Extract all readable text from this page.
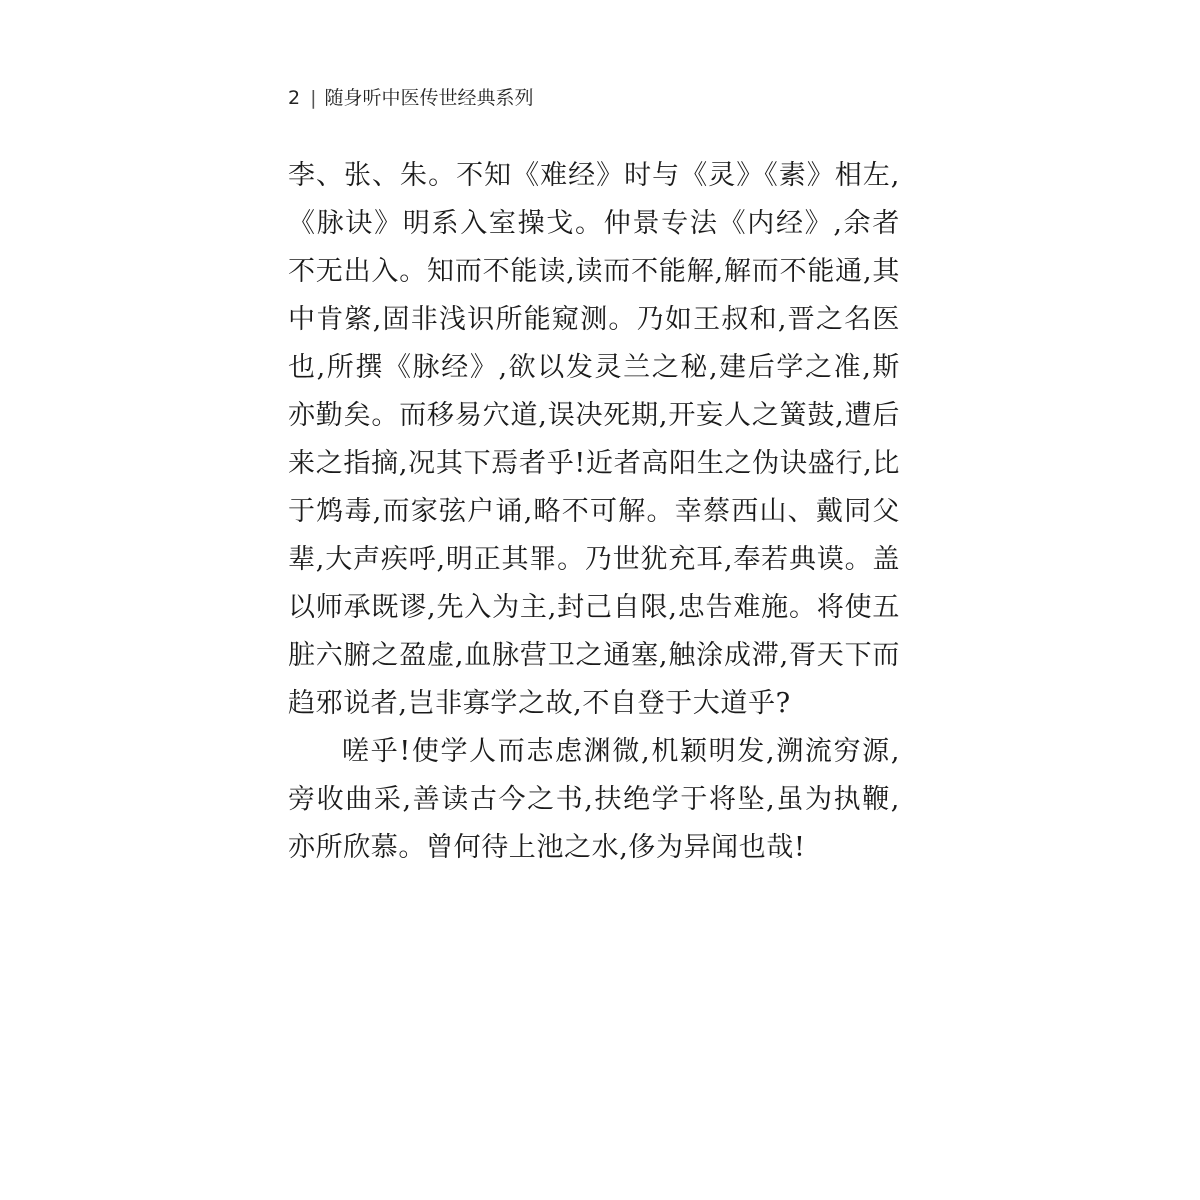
2 | 随身听中医传世经典系列

李、张、朱。不知《难经》时与《灵》《素》相左,《脉诀》明系入室操戈。仲景专法《内经》,余者不无出入。知而不能读,读而不能解,解而不能通,其中肯綮,固非浅识所能窥测。乃如王叔和,晋之名医也,所撰《脉经》,欲以发灵兰之秘,建后学之准,斯亦勤矣。而移易穴道,误决死期,开妄人之簧鼓,遭后来之指摘,况其下焉者乎!近者高阳生之伪诀盛行,比于鸩毒,而家弦户诵,略不可解。幸蔡西山、戴同父辈,大声疾呼,明正其罪。乃世犹充耳,奉若典谟。盖以师承既谬,先入为主,封己自限,忠告难施。将使五脏六腑之盈虚,血脉营卫之通塞,触涂成滞,胥天下而趋邪说者,岂非寡学之故,不自登于大道乎?

嗟乎!使学人而志虑渊微,机颖明发,溯流穷源,旁收曲采,善读古今之书,扶绝学于将坠,虽为执鞭,亦所欣慕。曾何待上池之水,侈为异闻也哉!
